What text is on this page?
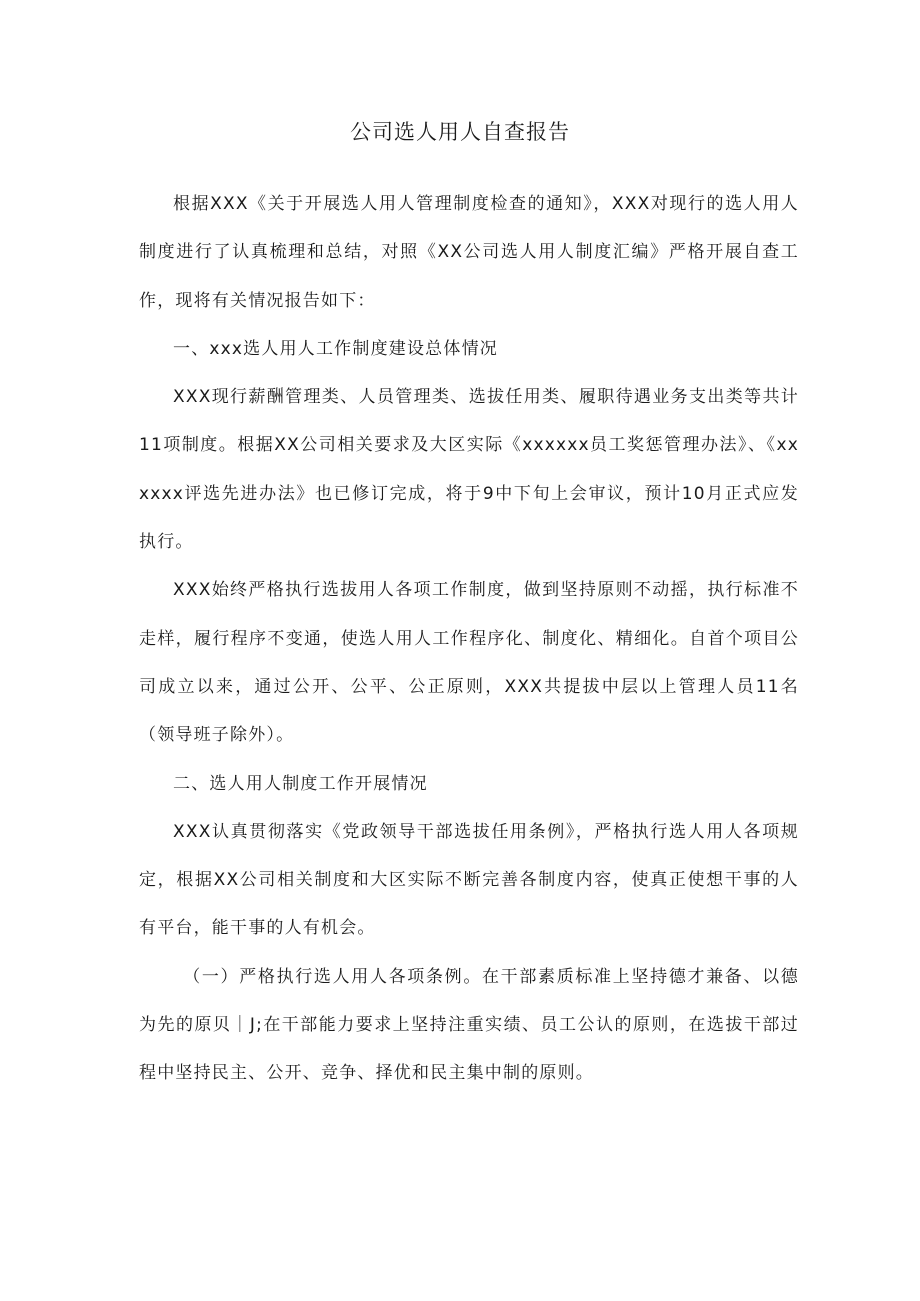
公司选人用人自查报告

根据XXX《关于开展选人用人管理制度检查的通知》，XXX对现行的选人用人制度进行了认真梳理和总结，对照《XX公司选人用人制度汇编》严格开展自查工作，现将有关情况报告如下：

一、xxx选人用人工作制度建设总体情况

XXX现行薪酬管理类、人员管理类、选拔任用类、履职待遇业务支出类等共计11项制度。根据XX公司相关要求及大区实际《xxxxxx员工奖惩管理办法》、《xxxxxx评选先进办法》也已修订完成，将于9中下旬上会审议，预计10月正式应发执行。

XXX始终严格执行选拔用人各项工作制度，做到坚持原则不动摇，执行标准不走样，履行程序不变通，使选人用人工作程序化、制度化、精细化。自首个项目公司成立以来，通过公开、公平、公正原则，XXX共提拔中层以上管理人员11名（领导班子除外）。

二、选人用人制度工作开展情况

XXX认真贯彻落实《党政领导干部选拔任用条例》，严格执行选人用人各项规定，根据XX公司相关制度和大区实际不断完善各制度内容，使真正使想干事的人有平台，能干事的人有机会。

（一）严格执行选人用人各项条例。在干部素质标准上坚持德才兼备、以德为先的原贝｜J;在干部能力要求上坚持注重实绩、员工公认的原则，在选拔干部过程中坚持民主、公开、竞争、择优和民主集中制的原则。
